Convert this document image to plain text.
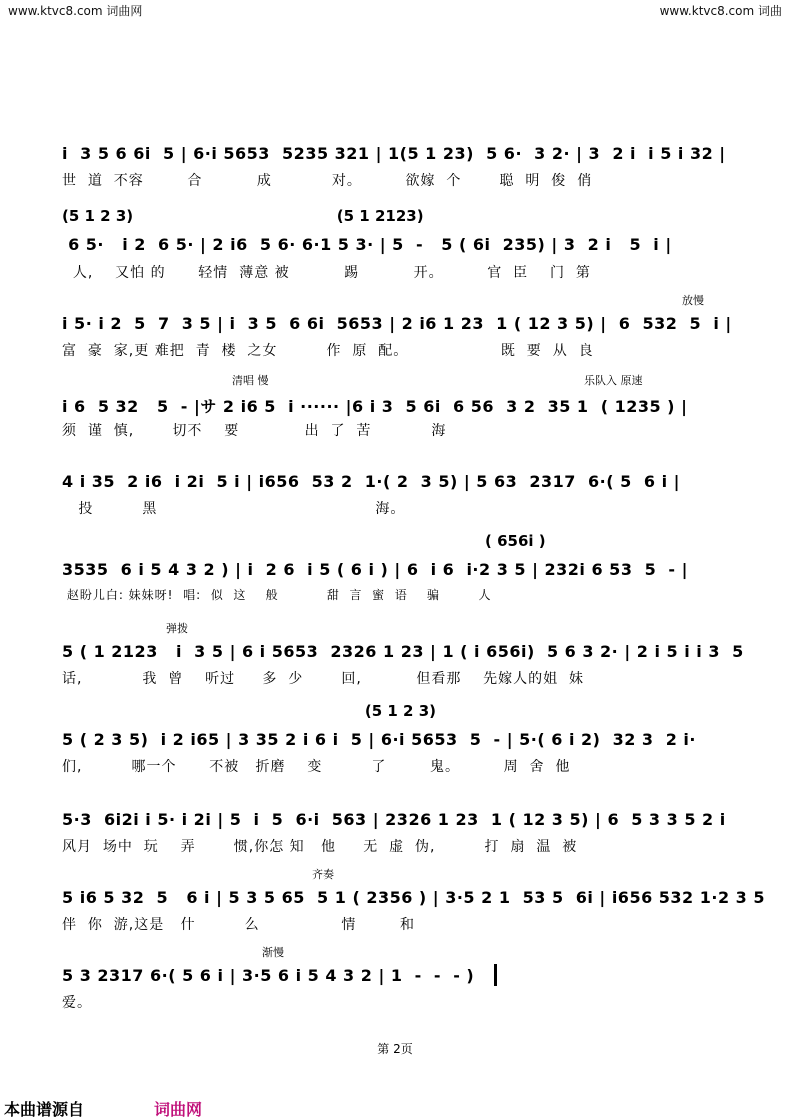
www.ktvc8.com 词曲网	www.ktvc8.com 词曲
i  3 5 6 6i  5 | 6·i 5653  5235 321 | 1(5 1 23)  5 6·  3 2· | 3  2 i  i 5 i 32 |
世  道  不容        合          成           对。        欲嫁  个       聪  明  俊  俏
(5 1 2 3)                                       (5 1 2123)
6 5·   i 2  6 5· | 2 i6  5 6· 6·1 5 3· | 5  -   5 ( 6i  235) | 3  2 i   5  i |
人,    又怕 的      轻情  薄意 被          踢          开。        官  臣    门  第
放慢
i 5· i 2  5  7  3 5 | i  3 5  6 6i  5653 | 2 i6 1 23  1 ( 12 3 5) |  6  532  5  i |
富  豪  家,更 难把  青  楼  之女         作  原  配。                 既  要  从  良
清唱 慢	乐队入 原速
i 6  5 32   5  - |サ 2 i6 5  i ······ |6 i 3  5 6i  6 56  3 2  35 1  ( 1235 ) |
须  谨  慎,       切不    要            出  了  苦           海
4 i 35  2 i6  i 2i  5 i | i656  53 2  1·( 2  3 5) | 5 63  2317  6·( 5  6 i |
投         黑                                        海。
( 656i )
3535  6 i 5 4 3 2 ) | i  2 6  i 5 ( 6 i ) | 6  i 6  i·2 3 5 | 232i 6 53  5  - |
赵盼儿白: 妹妹呀!  唱:  似  这    般          甜  言  蜜  语    骗        人
弹拨
5 ( 1 2123   i  3 5 | 6 i 5653  2326 1 23 | 1 ( i 656i)  5 6 3 2· | 2 i 5 i i 3  5
话,           我  曾    听过     多  少       回,          但看那    先嫁人的姐  妹
(5 1 2 3)
5 ( 2 3 5)  i 2 i65 | 3 35 2 i 6 i  5 | 6·i 5653  5  - | 5·( 6 i 2)  32 3  2 i·
们,         哪一个      不被   折磨    变         了        鬼。        周  舍  他
5·3  6i2i i 5· i 2i | 5  i  5  6·i  563 | 2326 1 23  1 ( 12 3 5) | 6  5 3 3 5 2 i
风月  场中  玩    弄       惯,你怎 知   他     无  虚  伪,         打  扇  温  被
齐奏
5 i6 5 32  5   6 i | 5 3 5 65  5 1 ( 2356 ) | 3·5 2 1  53 5  6i | i656 532 1·2 3 5
伴  你  游,这是   什         么               情        和
渐慢
5 3 2317 6·( 5 6 i | 3·5 6 i 5 4 3 2 | 1  -  -  - )
爱。
第 2页
本曲谱源自	词曲网
